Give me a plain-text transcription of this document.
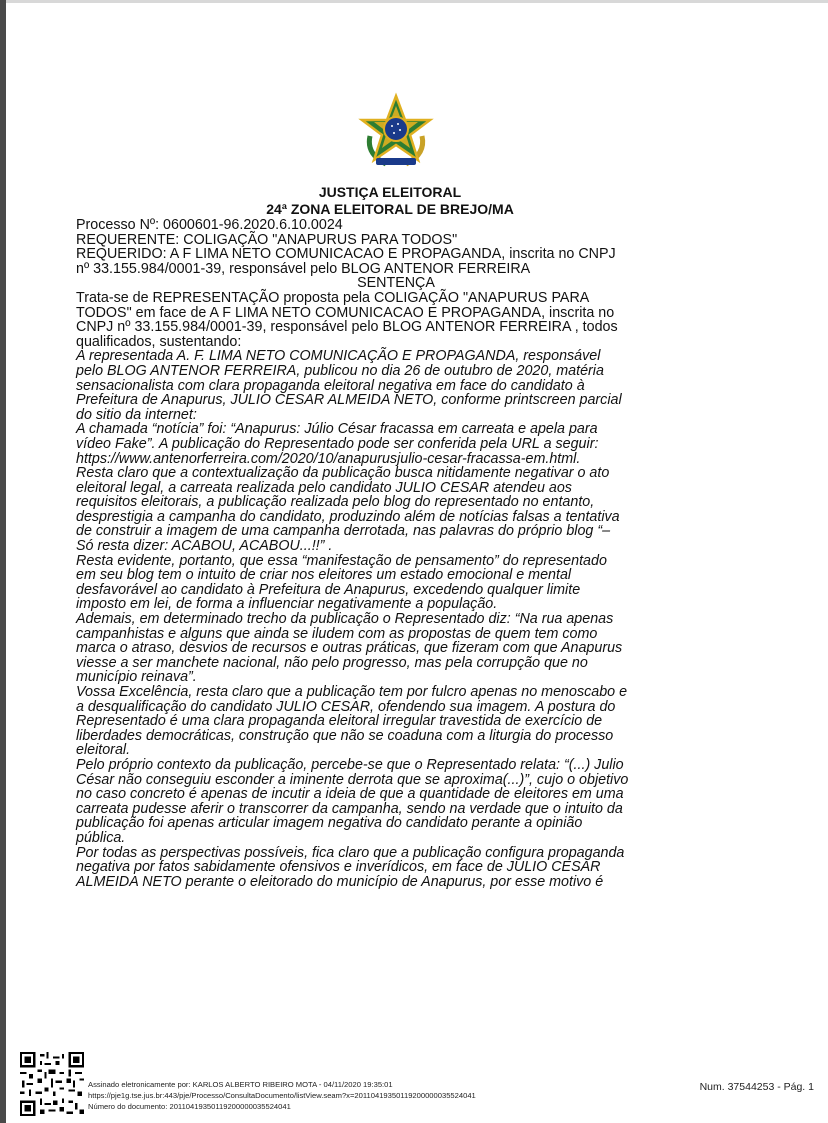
JUSTIÇA ELEITORAL
24ª ZONA ELEITORAL DE BREJO/MA

Processo Nº: 0600601-96.2020.6.10.0024

REQUERENTE: COLIGAÇÃO "ANAPURUS PARA TODOS"

REQUERIDO: A F LIMA NETO COMUNICACAO E PROPAGANDA, inscrita no CNPJ

nº 33.155.984/0001-39, responsável pelo BLOG ANTENOR FERREIRA

SENTENÇA

Trata-se de REPRESENTAÇÃO proposta pela COLIGAÇÃO "ANAPURUS PARA

TODOS" em face de A F LIMA NETO COMUNICACAO E PROPAGANDA, inscrita no

CNPJ nº 33.155.984/0001-39, responsável pelo BLOG ANTENOR FERREIRA , todos

qualificados, sustentando:

A representada A. F. LIMA NETO COMUNICAÇÃO E PROPAGANDA, responsável

pelo BLOG ANTENOR FERREIRA, publicou no dia 26 de outubro de 2020, matéria

sensacionalista com clara propaganda eleitoral negativa em face do candidato à

Prefeitura de Anapurus, JULIO CESAR ALMEIDA NETO, conforme printscreen parcial

do sitio da internet:

A chamada “notícia” foi: “Anapurus: Júlio César fracassa em carreata e apela para

vídeo Fake”. A publicação do Representado pode ser conferida pela URL a seguir:

https://www.antenorferreira.com/2020/10/anapurusjulio-cesar-fracassa-em.html.

Resta claro que a contextualização da publicação busca nitidamente negativar o ato

eleitoral legal, a carreata realizada pelo candidato JULIO CESAR atendeu aos

requisitos eleitorais, a publicação realizada pelo blog do representado no entanto,

desprestigia a campanha do candidato, produzindo além de notícias falsas a tentativa

de construir a imagem de uma campanha derrotada, nas palavras do próprio blog “–

Só resta dizer: ACABOU, ACABOU...!!” .

Resta evidente, portanto, que essa “manifestação de pensamento” do representado

em seu blog tem o intuito de criar nos eleitores um estado emocional e mental

desfavorável ao candidato à Prefeitura de Anapurus, excedendo qualquer limite

imposto em lei, de forma a influenciar negativamente a população.

Ademais, em determinado trecho da publicação o Representado diz: “Na rua apenas

campanhistas e alguns que ainda se iludem com as propostas de quem tem como

marca o atraso, desvios de recursos e outras práticas, que fizeram com que Anapurus

viesse a ser manchete nacional, não pelo progresso, mas pela corrupção que no

município reinava”.

Vossa Excelência, resta claro que a publicação tem por fulcro apenas no menoscabo e

a desqualificação do candidato JULIO CESAR, ofendendo sua imagem. A postura do

Representado é uma clara propaganda eleitoral irregular travestida de exercício de

liberdades democráticas, construção que não se coaduna com a liturgia do processo

eleitoral.

Pelo próprio contexto da publicação, percebe-se que o Representado relata: “(...) Julio

César não conseguiu esconder a iminente derrota que se aproxima(...)”, cujo o objetivo

no caso concreto é apenas de incutir a ideia de que a quantidade de eleitores em uma

carreata pudesse aferir o transcorrer da campanha, sendo na verdade que o intuito da

publicação foi apenas articular imagem negativa do candidato perante a opinião

pública.

Por todas as perspectivas possíveis, fica claro que a publicação configura propaganda

negativa por fatos sabidamente ofensivos e inverídicos, em face de JULIO CESAR

ALMEIDA NETO perante o eleitorado do município de Anapurus, por esse motivo é

Assinado eletronicamente por: KARLOS ALBERTO RIBEIRO MOTA - 04/11/2020 19:35:01
https://pje1g.tse.jus.br:443/pje/Processo/ConsultaDocumento/listView.seam?x=20110419350119200000035524041
Número do documento: 20110419350119200000035524041
Num. 37544253 - Pág. 1
